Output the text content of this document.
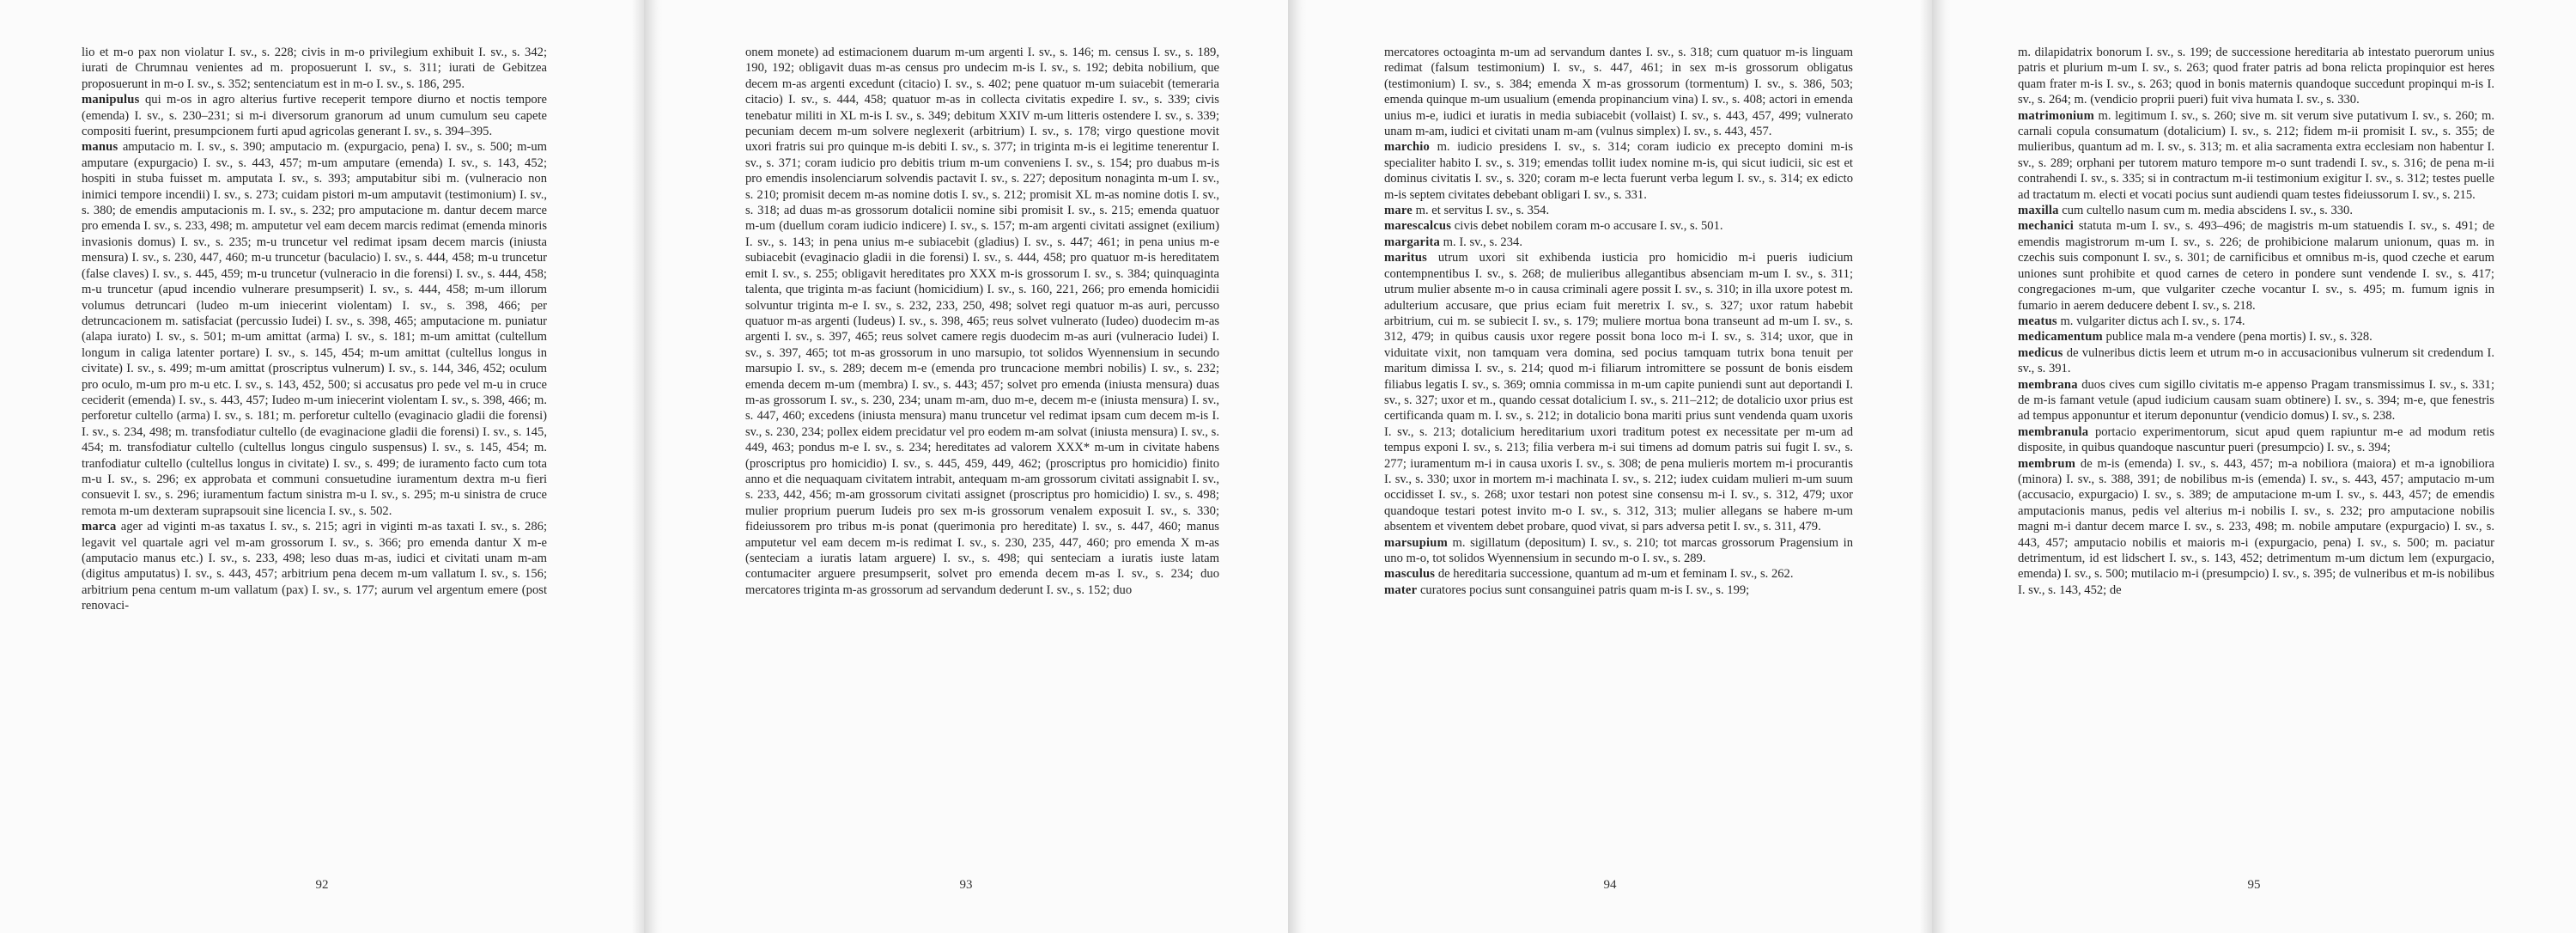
lio et m-o pax non violatur I. sv., s. 228; civis in m-o privilegium exhibuit I. sv., s. 342; iurati de Chrumnau venientes ad m. proposuerunt I. sv., s. 311; iurati de Gebitzea proposuerunt in m-o I. sv., s. 352; sentenciatum est in m-o I. sv., s. 186, 295.
manipulus qui m-os in agro alterius furtive receperit tempore diurno et noctis tempore (emenda) I. sv., s. 230–231; si m-i diversorum granorum ad unum cumulum seu capete compositi fuerint, presumpcionem furti apud agricolas generant I. sv., s. 394–395.
manus amputacio m. I. sv., s. 390; amputacio m. (expurgacio, pena) I. sv., s. 500; m-um amputare (expurgacio) I. sv., s. 443, 457; m-um amputare (emenda) I. sv., s. 143, 452; hospiti in stuba fuisset m. amputata I. sv., s. 393; amputabitur sibi m. (vulneracio non inimici tempore incendii) I. sv., s. 273; cuidam pistori m-um amputavit (testimonium) I. sv., s. 380; de emendis amputacionis m. I. sv., s. 232; pro amputacione m. dantur decem marce pro emenda I. sv., s. 233, 498; m. amputetur vel eam decem marcis redimat (emenda minoris invasionis domus) I. sv., s. 235; m-u truncetur vel redimat ipsam decem marcis (iniusta mensura) I. sv., s. 230, 447, 460; m-u truncetur (baculacio) I. sv., s. 444, 458; m-u truncetur (false claves) I. sv., s. 445, 459; m-u truncetur (vulneracio in die forensi) I. sv., s. 444, 458; m-u truncetur (apud incendio vulnerare presumpserit) I. sv., s. 444, 458; m-um illorum volumus detruncari (ludeo m-um iniecerint violentam) I. sv., s. 398, 466; per detruncacionem m. satisfaciat (percussio Iudei) I. sv., s. 398, 465; amputacione m. puniatur (alapa iurato) I. sv., s. 501; m-um amittat (arma) I. sv., s. 181; m-um amittat (cultellum longum in caliga latenter portare) I. sv., s. 145, 454; m-um amittat (cultellus longus in civitate) I. sv., s. 499; m-um amittat (proscriptus vulnerum) I. sv., s. 144, 346, 452; oculum pro oculo, m-um pro m-u etc. I. sv., s. 143, 452, 500; si accusatus pro pede vel m-u in cruce ceciderit (emenda) I. sv., s. 443, 457; Iudeo m-um iniecerint violentam I. sv., s. 398, 466; m. perforetur cultello (arma) I. sv., s. 181; m. perforetur cultello (evaginacio gladii die forensi) I. sv., s. 234, 498; m. transfodiatur cultello (de evaginacione gladii die forensi) I. sv., s. 145, 454; m. transfodiatur cultello (cultellus longus cingulo suspensus) I. sv., s. 145, 454; m. tranfodiatur cultello (cultellus longus in civitate) I. sv., s. 499; de iuramento facto cum tota m-u I. sv., s. 296; ex approbata et communi consuetudine iuramentum dextra m-u fieri consuevit I. sv., s. 296; iuramentum factum sinistra m-u I. sv., s. 295; m-u sinistra de cruce remota m-um dexteram suprapsouit sine licencia I. sv., s. 502.
marca ager ad viginti m-as taxatus I. sv., s. 215; agri in viginti m-as taxati I. sv., s. 286; legavit vel quartale agri vel m-am grossorum I. sv., s. 366; pro emenda dantur X m-e (amputacio manus etc.) I. sv., s. 233, 498; leso duas m-as, iudici et civitati unam m-am (digitus amputatus) I. sv., s. 443, 457; arbitrium pena decem m-um vallatum I. sv., s. 156; arbitrium pena centum m-um vallatum (pax) I. sv., s. 177; aurum vel argentum emere (post renovaci-
92
onem monete) ad estimacionem duarum m-um argenti I. sv., s. 146; m. census I. sv., s. 189, 190, 192; obligavit duas m-as census pro undecim m-is I. sv., s. 192; debita nobilium, que decem m-as argenti excedunt (citacio) I. sv., s. 402; pene quatuor m-um suiacebit (temeraria citacio) I. sv., s. 444, 458; quatuor m-as in collecta civitatis expedire I. sv., s. 339; civis tenebatur militi in XL m-is I. sv., s. 349; debitum XXIV m-um litteris ostendere I. sv., s. 339; pecuniam decem m-um solvere neglexerit (arbitrium) I. sv., s. 178; virgo questione movit uxori fratris sui pro quinque m-is debiti I. sv., s. 377; in triginta m-is ei legitime tenerentur I. sv., s. 371; coram iudicio pro debitis trium m-um conveniens I. sv., s. 154; pro duabus m-is pro emendis insolenciarum solvendis pactavit I. sv., s. 227; depositum nonaginta m-um I. sv., s. 210; promisit decem m-as nomine dotis I. sv., s. 212; promisit XL m-as nomine dotis I. sv., s. 318; ad duas m-as grossorum dotalicii nomine sibi promisit I. sv., s. 215; emenda quatuor m-um (duellum coram iudicio indicere) I. sv., s. 157; m-am argenti civitati assignet (exilium) I. sv., s. 143; in pena unius m-e subiacebit (gladius) I. sv., s. 447; 461; in pena unius m-e subiacebit (evaginacio gladii in die forensi) I. sv., s. 444, 458; pro quatuor m-is hereditatem emit I. sv., s. 255; obligavit hereditates pro XXX m-is grossorum I. sv., s. 384; quinquaginta talenta, que triginta m-as faciunt (homicidium) I. sv., s. 160, 221, 266; pro emenda homicidii solvuntur triginta m-e I. sv., s. 232, 233, 250, 498; solvet regi quatuor m-as auri, percusso quatuor m-as argenti (Iudeus) I. sv., s. 398, 465; reus solvet vulnerato (Iudeo) duodecim m-as argenti I. sv., s. 397, 465; reus solvet camere regis duodecim m-as auri (vulneracio Iudei) I. sv., s. 397, 465; tot m-as grossorum in uno marsupio, tot solidos Wyennensium in secundo marsupio I. sv., s. 289; decem m-e (emenda pro truncacione membri nobilis) I. sv., s. 232; emenda decem m-um (membra) I. sv., s. 443; 457; solvet pro emenda (iniusta mensura) duas m-as grossorum I. sv., s. 230, 234; unam m-am, duo m-e, decem m-e (iniusta mensura) I. sv., s. 447, 460; excedens (iniusta mensura) manu truncetur vel redimat ipsam cum decem m-is I. sv., s. 230, 234; pollex eidem precidatur vel pro eodem m-am solvat (iniusta mensura) I. sv., s. 449, 463; pondus m-e I. sv., s. 234; hereditates ad valorem XXX* m-um in civitate habens (proscriptus pro homicidio) I. sv., s. 445, 459, 449, 462; (proscriptus pro homicidio) finito anno et die nequaquam civitatem intrabit, antequam m-am grossorum civitati assignabit I. sv., s. 233, 442, 456; m-am grossorum civitati assignet (proscriptus pro homicidio) I. sv., s. 498; mulier proprium puerum Iudeis pro sex m-is grossorum venalem exposuit I. sv., s. 330; fideiussorem pro tribus m-is ponat (querimonia pro hereditate) I. sv., s. 447, 460; manus amputetur vel eam decem m-is redimat I. sv., s. 230, 235, 447, 460; pro emenda X m-as (senteciam a iuratis latam arguere) I. sv., s. 498; qui senteciam a iuratis iuste latam contumaciter arguere presumpserit, solvet pro emenda decem m-as I. sv., s. 234; duo mercatores triginta m-as grossorum ad servandum dederunt I. sv., s. 152; duo
93
mercatores octoaginta m-um ad servandum dantes I. sv., s. 318; cum quatuor m-is linguam redimat (falsum testimonium) I. sv., s. 447, 461; in sex m-is grossorum obligatus (testimonium) I. sv., s. 384; emenda X m-as grossorum (tormentum) I. sv., s. 386, 503; emenda quinque m-um usualium (emenda propinancium vina) I. sv., s. 408; actori in emenda unius m-e, iudici et iuratis in media subiacebit (vollaist) I. sv., s. 443, 457, 499; vulnerato unam m-am, iudici et civitati unam m-am (vulnus simplex) I. sv., s. 443, 457.
marchio m. iudicio presidens I. sv., s. 314; coram iudicio ex precepto domini m-is specialiter habito I. sv., s. 319; emendas tollit iudex nomine m-is, qui sicut iudicii, sic est et dominus civitatis I. sv., s. 320; coram m-e lecta fuerunt verba legum I. sv., s. 314; ex edicto m-is septem civitates debebant obligari I. sv., s. 331.
mare m. et servitus I. sv., s. 354.
marescalcus civis debet nobilem coram m-o accusare I. sv., s. 501.
margarita m. I. sv., s. 234.
maritus utrum uxori sit exhibenda iusticia pro homicidio m-i pueris iudicium contempnentibus I. sv., s. 268; de mulieribus allegantibus absenciam m-um I. sv., s. 311; utrum mulier absente m-o in causa criminali agere possit I. sv., s. 310; in illa uxore potest m. adulterium accusare, que prius eciam fuit meretrix I. sv., s. 327; uxor ratum habebit arbitrium, cui m. se subiecit I. sv., s. 179; muliere mortua bona transeunt ad m-um I. sv., s. 312, 479; in quibus causis uxor regere possit bona loco m-i I. sv., s. 314; uxor, que in viduitate vixit, non tamquam vera domina, sed pocius tamquam tutrix bona tenuit per maritum dimissa I. sv., s. 214; quod m-i filiarum intromittere se possunt de bonis eisdem filiabus legatis I. sv., s. 369; omnia commissa in m-um capite puniendi sunt aut deportandi I. sv., s. 327; uxor et m., quando cessat dotalicium I. sv., s. 211–212; de dotalicio uxor prius est certificanda quam m. I. sv., s. 212; in dotalicio bona mariti prius sunt vendenda quam uxoris I. sv., s. 213; dotalicium hereditarium uxori traditum potest ex necessitate per m-um ad tempus exponi I. sv., s. 213; filia verbera m-i sui timens ad domum patris sui fugit I. sv., s. 277; iuramentum m-i in causa uxoris I. sv., s. 308; de pena mulieris mortem m-i procurantis I. sv., s. 330; uxor in mortem m-i machinata I. sv., s. 212; iudex cuidam mulieri m-um suum occidisset I. sv., s. 268; uxor testari non potest sine consensu m-i I. sv., s. 312, 479; uxor quandoque testari potest invito m-o I. sv., s. 312, 313; mulier allegans se habere m-um absentem et viventem debet probare, quod vivat, si pars adversa petit I. sv., s. 311, 479.
marsupium m. sigillatum (depositum) I. sv., s. 210; tot marcas grossorum Pragensium in uno m-o, tot solidos Wyennensium in secundo m-o I. sv., s. 289.
masculus de hereditaria successione, quantum ad m-um et feminam I. sv., s. 262.
mater curatores pocius sunt consanguinei patris quam m-is I. sv., s. 199;
94
m. dilapidatrix bonorum I. sv., s. 199; de successione hereditaria ab intestato puerorum unius patris et plurium m-um I. sv., s. 263; quod frater patris ad bona relicta propinquior est heres quam frater m-is I. sv., s. 263; quod in bonis maternis quandoque succedunt propinqui m-is I. sv., s. 264; m. (vendicio proprii pueri) fuit viva humata I. sv., s. 330.
matrimonium m. legitimum I. sv., s. 260; sive m. sit verum sive putativum I. sv., s. 260; m. carnali copula consumatum (dotalicium) I. sv., s. 212; fidem m-ii promisit I. sv., s. 355; de mulieribus, quantum ad m. I. sv., s. 313; m. et alia sacramenta extra ecclesiam non habentur I. sv., s. 289; orphani per tutorem maturo tempore m-o sunt tradendi I. sv., s. 316; de pena m-ii contrahendi I. sv., s. 335; si in contractum m-ii testimonium exigitur I. sv., s. 312; testes puelle ad tractatum m. electi et vocati pocius sunt audiendi quam testes fideiussorum I. sv., s. 215.
maxilla cum cultello nasum cum m. media abscidens I. sv., s. 330.
mechanici statuta m-um I. sv., s. 493–496; de magistris m-um statuendis I. sv., s. 491; de emendis magistrorum m-um I. sv., s. 226; de prohibicione malarum unionum, quas m. in czechis suis componunt I. sv., s. 301; de carnificibus et omnibus m-is, quod czeche et earum uniones sunt prohibite et quod carnes de cetero in pondere sunt vendende I. sv., s. 417; congregaciones m-um, que vulgariter czeche vocantur I. sv., s. 495; m. fumum ignis in fumario in aerem deducere debent I. sv., s. 218.
meatus m. vulgariter dictus ach I. sv., s. 174.
medicamentum publice mala m-a vendere (pena mortis) I. sv., s. 328.
medicus de vulneribus dictis leem et utrum m-o in accusacionibus vulnerum sit credendum I. sv., s. 391.
membrana duos cives cum sigillo civitatis m-e appenso Pragam transmissimus I. sv., s. 331; de m-is famant vetule (apud iudicium causam suam obtinere) I. sv., s. 394; m-e, que fenestris ad tempus apponuntur et iterum deponuntur (vendicio domus) I. sv., s. 238.
membranula portacio experimentorum, sicut apud quem rapiuntur m-e ad modum retis disposite, in quibus quandoque nascuntur pueri (presumpcio) I. sv., s. 394;
membrum de m-is (emenda) I. sv., s. 443, 457; m-a nobiliora (maiora) et m-a ignobiliora (minora) I. sv., s. 388, 391; de nobilibus m-is (emenda) I. sv., s. 443, 457; amputacio m-um (accusacio, expurgacio) I. sv., s. 389; de amputacione m-um I. sv., s. 443, 457; de emendis amputacionis manus, pedis vel alterius m-i nobilis I. sv., s. 232; pro amputacione nobilis magni m-i dantur decem marce I. sv., s. 233, 498; m. nobile amputare (expurgacio) I. sv., s. 443, 457; amputacio nobilis et maioris m-i (expurgacio, pena) I. sv., s. 500; m. paciatur detrimentum, id est lidschert I. sv., s. 143, 452; detrimentum m-um dictum lem (expurgacio, emenda) I. sv., s. 500; mutilacio m-i (presumpcio) I. sv., s. 395; de vulneribus et m-is nobilibus I. sv., s. 143, 452; de
95
